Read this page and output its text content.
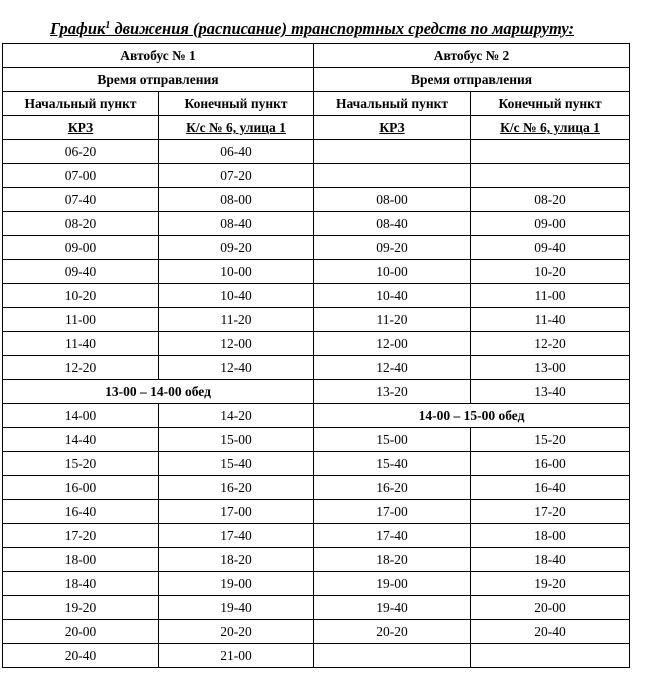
График$^1$ движения (расписание) транспортных средств по маршруту:
Автобус № 1		Автобус № 2	
Время отправления		Время отправления	
Начальный пункт	Конечный пункт	Начальный пункт	Конечный пункт
КРЗ	К/с № 6, улица 1	КРЗ	К/с № 6, улица 1
06-20	06-40		
07-00	07-20		
07-40	08-00	08-00	08-20
08-20	08-40	08-40	09-00
09-00	09-20	09-20	09-40
09-40	10-00	10-00	10-20
10-20	10-40	10-40	11-00
11-00	11-20	11-20	11-40
11-40	12-00	12-00	12-20
12-20	12-40	12-40	13-00
13-00 – 14-00 обед		13-20	13-40
14-00	14-20	14-00 – 15-00 обед	
14-40	15-00	15-00	15-20
15-20	15-40	15-40	16-00
16-00	16-20	16-20	16-40
16-40	17-00	17-00	17-20
17-20	17-40	17-40	18-00
18-00	18-20	18-20	18-40
18-40	19-00	19-00	19-20
19-20	19-40	19-40	20-00
20-00	20-20	20-20	20-40
20-40	21-00		
